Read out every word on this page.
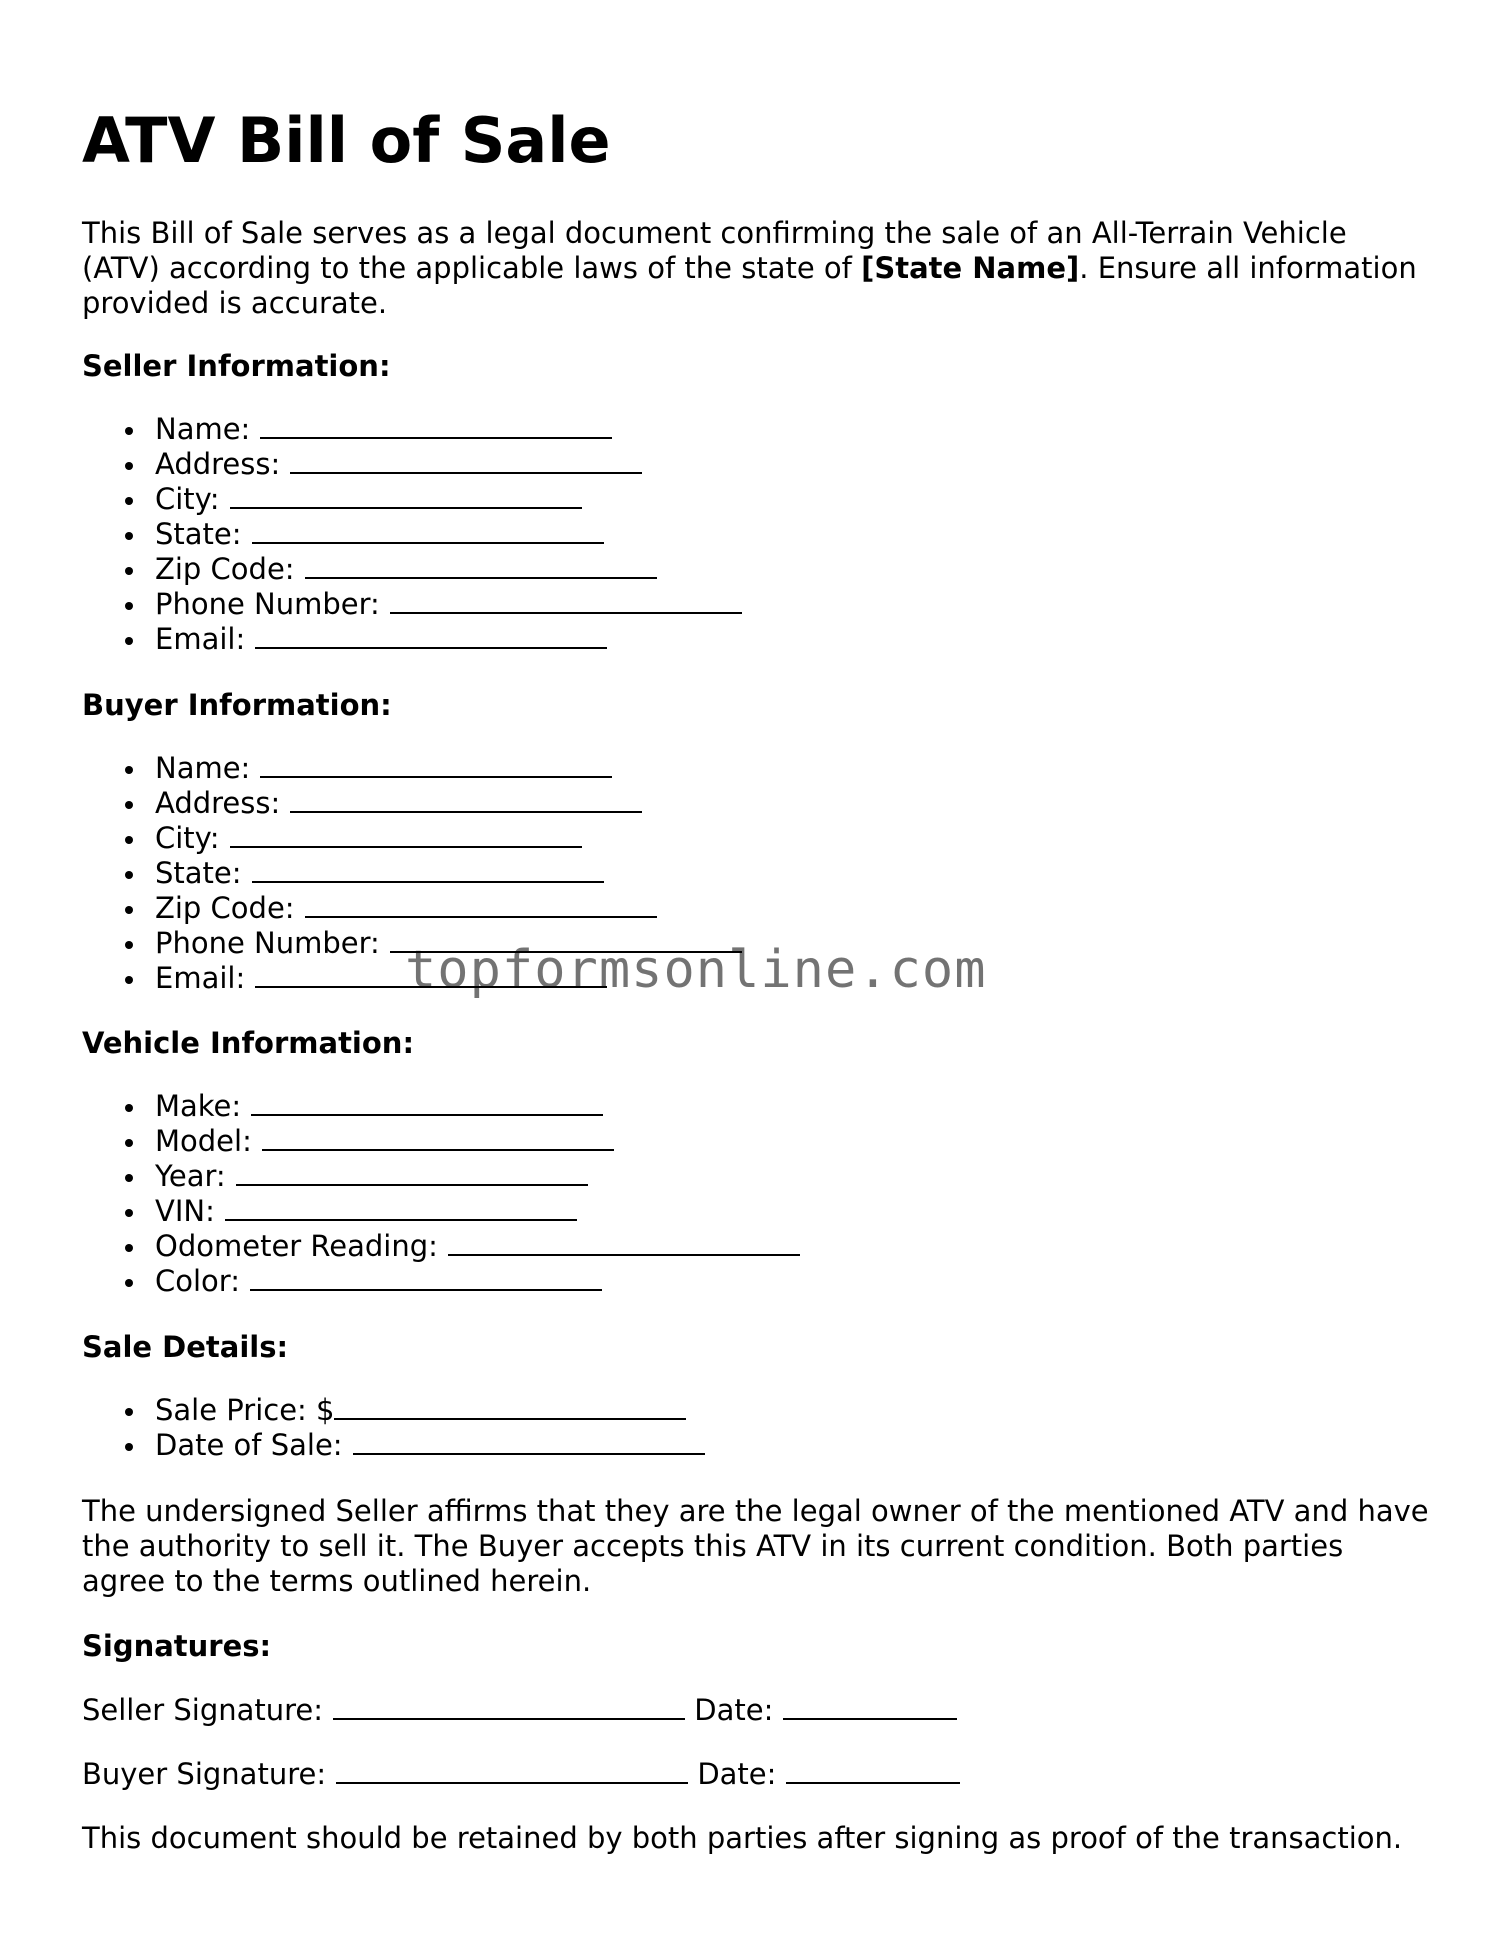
ATV Bill of Sale

This Bill of Sale serves as a legal document confirming the sale of an All-Terrain Vehicle (ATV) according to the applicable laws of the state of [State Name]. Ensure all information provided is accurate.

Seller Information:
Name:
Address:
City:
State:
Zip Code:
Phone Number:
Email:
Buyer Information:
Name:
Address:
City:
State:
Zip Code:
Phone Number:
Email:
Vehicle Information:
Make:
Model:
Year:
VIN:
Odometer Reading:
Color:
Sale Details:
Sale Price: $
Date of Sale:

The undersigned Seller affirms that they are the legal owner of the mentioned ATV and have the authority to sell it. The Buyer accepts this ATV in its current condition. Both parties agree to the terms outlined herein.

Signatures:
Seller Signature:	Date:
Buyer Signature:	Date:

This document should be retained by both parties after signing as proof of the transaction.

topformsonline.com
